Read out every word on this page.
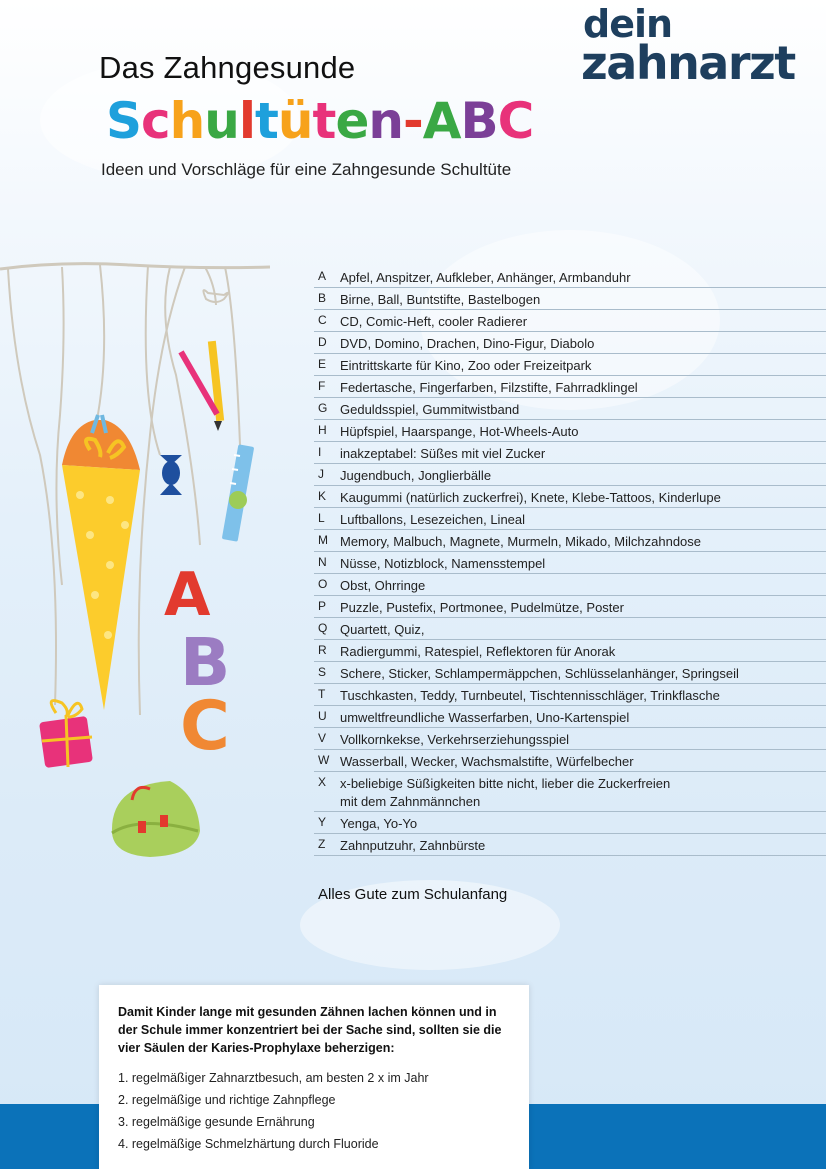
dein
zahnarzt
Das Zahngesunde
Schultüten-ABC
Ideen und Vorschläge für eine Zahngesunde Schultüte
A
B
C
A	Apfel, Anspitzer, Aufkleber, Anhänger, Armbanduhr
B	Birne, Ball, Buntstifte, Bastelbogen
C	CD, Comic-Heft, cooler Radierer
D	DVD, Domino, Drachen, Dino-Figur, Diabolo
E	Eintrittskarte für Kino, Zoo oder Freizeitpark
F	Federtasche, Fingerfarben, Filzstifte, Fahrradklingel
G Geduldsspiel, Gummitwistband
H	Hüpfspiel, Haarspange, Hot-Wheels-Auto
I	inakzeptabel: Süßes mit viel Zucker
J	Jugendbuch, Jonglierbälle
K	Kaugummi (natürlich zuckerfrei), Knete, Klebe-Tattoos, Kinderlupe
L	Luftballons, Lesezeichen, Lineal
M Memory, Malbuch, Magnete, Murmeln, Mikado, Milchzahndose
N	Nüsse, Notizblock, Namensstempel
O Obst, Ohrringe
P	Puzzle, Pustefix, Portmonee, Pudelmütze, Poster
Q Quartett, Quiz,
R	Radiergummi, Ratespiel, Reflektoren für Anorak
S	Schere, Sticker, Schlampermäppchen, Schlüsselanhänger, Springseil
T	Tuschkasten, Teddy, Turnbeutel, Tischtennisschläger, Trinkflasche
U	umweltfreundliche Wasserfarben, Uno-Kartenspiel
V	Vollkornkekse, Verkehrserziehungsspiel
W Wasserball, Wecker, Wachsmalstifte, Würfelbecher
X	x-beliebige Süßigkeiten bitte nicht, lieber die Zuckerfreien
mit dem Zahnmännchen
Y	Yenga, Yo-Yo
Z	Zahnputzuhr, Zahnbürste
Alles Gute zum Schulanfang
Damit Kinder lange mit gesunden Zähnen lachen können und in der Schule immer konzentriert bei der Sache sind, sollten sie die vier Säulen der Karies-Prophylaxe beherzigen:
1. regelmäßiger Zahnarztbesuch, am besten 2 x im Jahr
2. regelmäßige und richtige Zahnpflege
3. regelmäßige gesunde Ernährung
4. regelmäßige Schmelzhärtung durch Fluoride
